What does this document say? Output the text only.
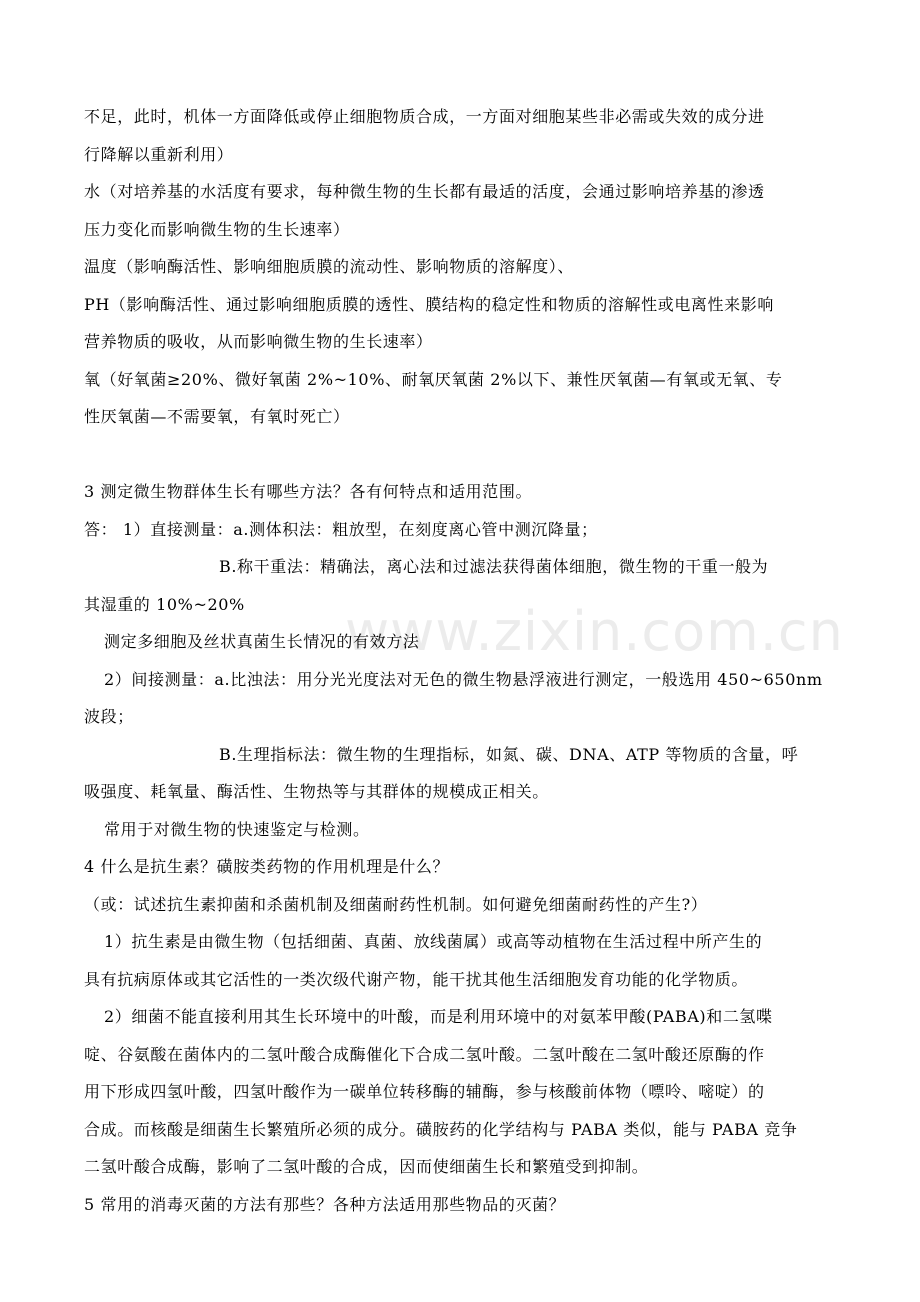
www.zixin.com.cn
不足，此时，机体一方面降低或停止细胞物质合成，一方面对细胞某些非必需或失效的成分进
行降解以重新利用）
水（对培养基的水活度有要求，每种微生物的生长都有最适的活度，会通过影响培养基的渗透
压力变化而影响微生物的生长速率）
温度（影响酶活性、影响细胞质膜的流动性、影响物质的溶解度）、
PH（影响酶活性、通过影响细胞质膜的透性、膜结构的稳定性和物质的溶解性或电离性来影响
营养物质的吸收，从而影响微生物的生长速率）
氧（好氧菌≥20%、微好氧菌 2%~10%、耐氧厌氧菌 2%以下、兼性厌氧菌—有氧或无氧、专
性厌氧菌—不需要氧，有氧时死亡）
3 测定微生物群体生长有哪些方法？各有何特点和适用范围。
答： 1）直接测量：a.测体积法：粗放型，在刻度离心管中测沉降量；
B.称干重法：精确法，离心法和过滤法获得菌体细胞，微生物的干重一般为
其湿重的 10%~20%
测定多细胞及丝状真菌生长情况的有效方法
2）间接测量：a.比浊法：用分光光度法对无色的微生物悬浮液进行测定，一般选用 450~650nm
波段；
B.生理指标法：微生物的生理指标，如氮、碳、DNA、ATP 等物质的含量，呼
吸强度、耗氧量、酶活性、生物热等与其群体的规模成正相关。
常用于对微生物的快速鉴定与检测。
4 什么是抗生素？磺胺类药物的作用机理是什么？
（或：试述抗生素抑菌和杀菌机制及细菌耐药性机制。如何避免细菌耐药性的产生?）
1）抗生素是由微生物（包括细菌、真菌、放线菌属）或高等动植物在生活过程中所产生的
具有抗病原体或其它活性的一类次级代谢产物，能干扰其他生活细胞发育功能的化学物质。
2）细菌不能直接利用其生长环境中的叶酸，而是利用环境中的对氨苯甲酸(PABA)和二氢喋
啶、谷氨酸在菌体内的二氢叶酸合成酶催化下合成二氢叶酸。二氢叶酸在二氢叶酸还原酶的作
用下形成四氢叶酸，四氢叶酸作为一碳单位转移酶的辅酶，参与核酸前体物（嘌呤、嘧啶）的
合成。而核酸是细菌生长繁殖所必须的成分。磺胺药的化学结构与 PABA 类似，能与 PABA 竞争
二氢叶酸合成酶，影响了二氢叶酸的合成，因而使细菌生长和繁殖受到抑制。
5 常用的消毒灭菌的方法有那些？各种方法适用那些物品的灭菌？
